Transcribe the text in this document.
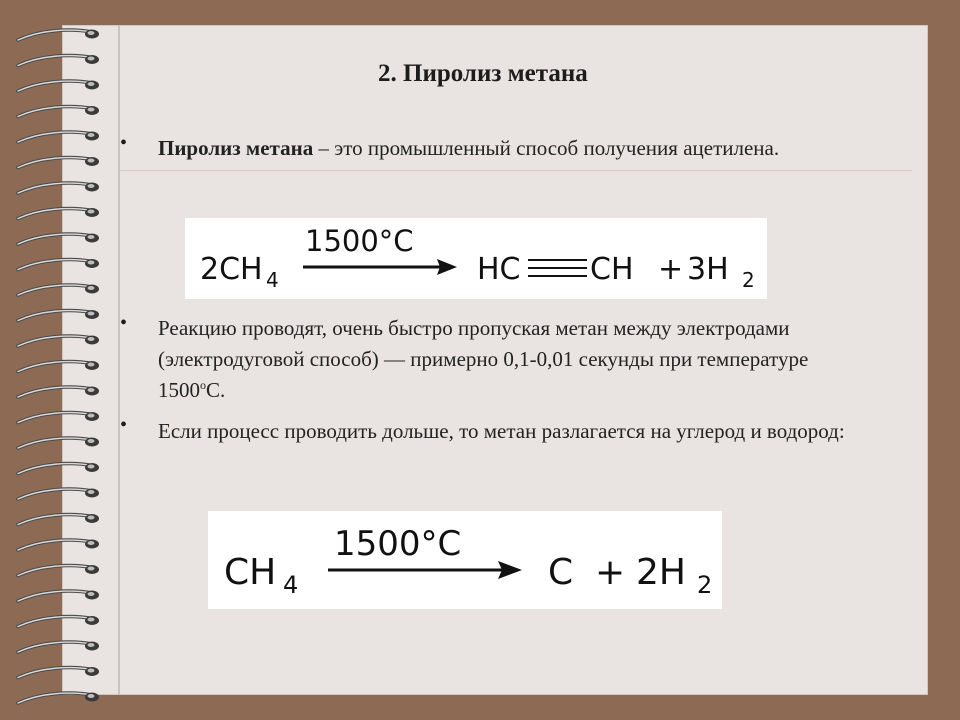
2. Пиролиз метана
• Пиролиз метана – это промышленный способ получения ацетилена.
2CH 4
1500°C
HC CH + 3H 2
• Реакцию проводят, очень быстро пропуская метан между электродами (электродуговой способ) — примерно 0,1-0,01 секунды при температуре $1500^оС$.
• Если процесс проводить дольше, то метан разлагается на углерод и водород:
CH 4
1500°C
C + 2H 2
